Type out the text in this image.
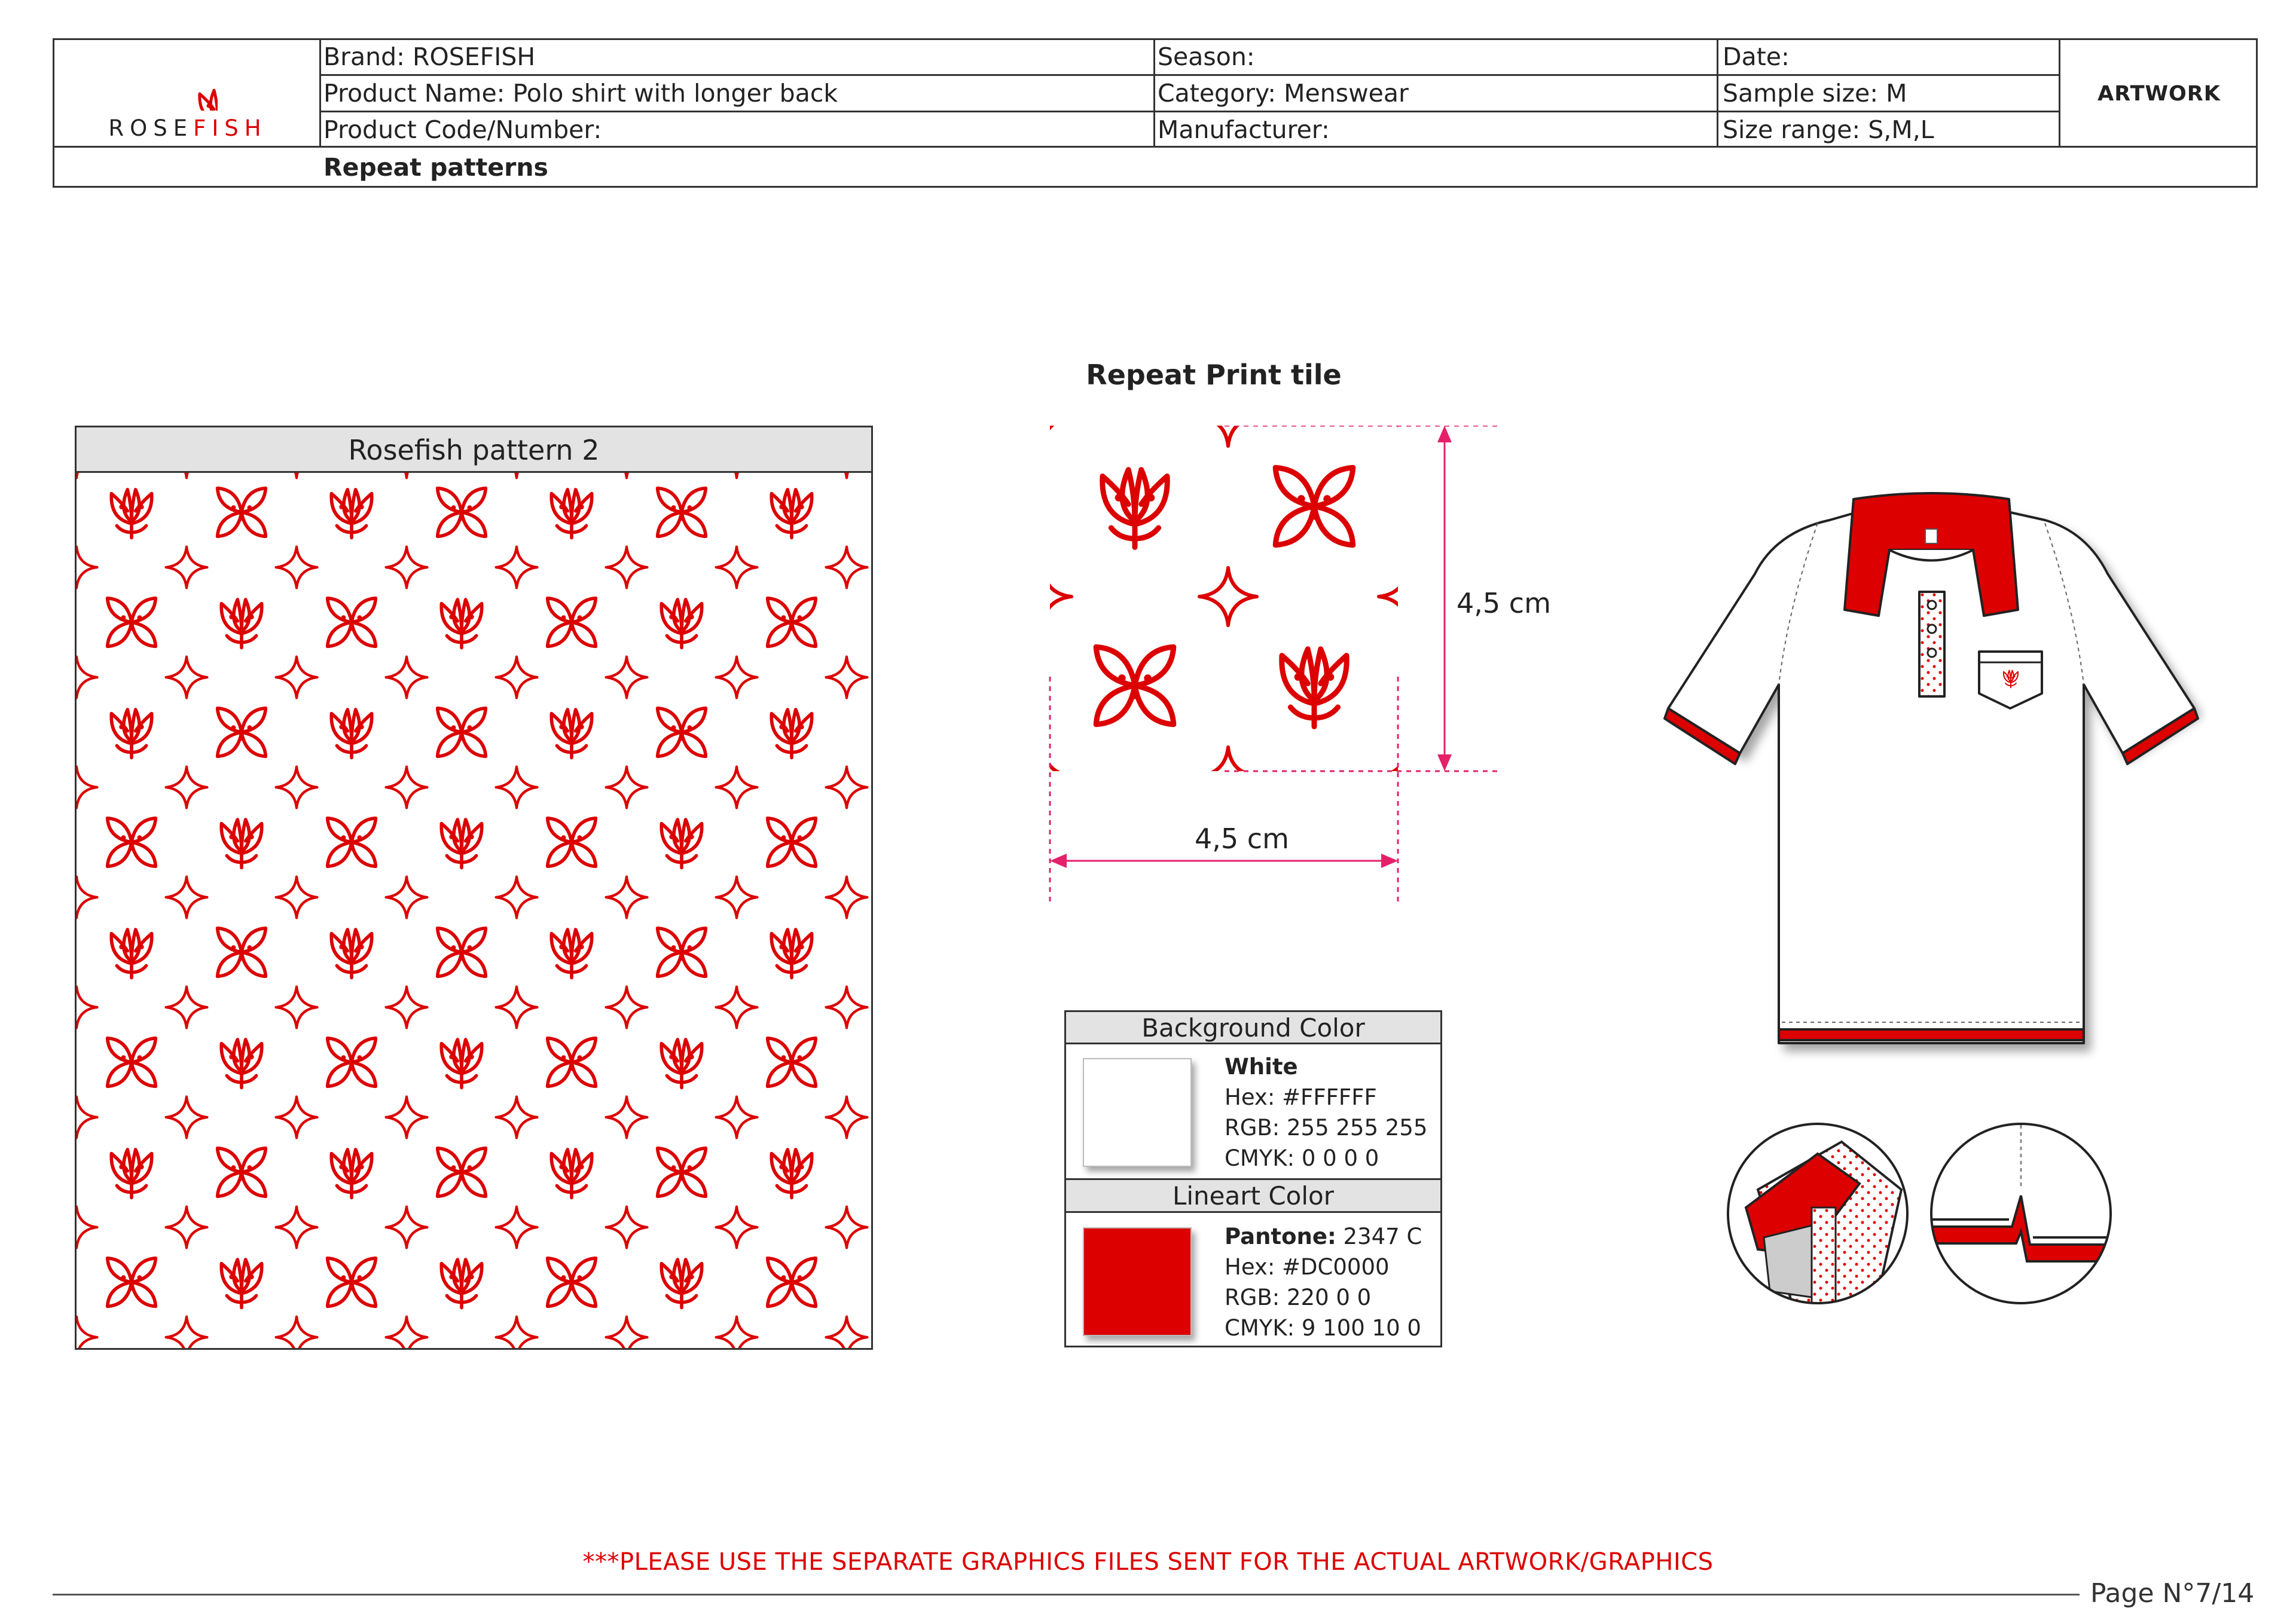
ROSEFISH
Brand: ROSEFISH	Season:	Date:
Product Name: Polo shirt with longer back	Category: Menswear	Sample size: M
Product Code/Number:	Manufacturer:	Size range: S,M,L
ARTWORK
Repeat patterns
Rosefish pattern 2
Repeat Print tile
4,5 cm
4,5 cm
Background Color
White
Hex: #FFFFFF
RGB: 255 255 255
CMYK: 0 0 0 0
Lineart Color
Pantone: 2347 C
Hex: #DC0000
RGB: 220 0 0
CMYK: 9 100 10 0
***PLEASE USE THE SEPARATE GRAPHICS FILES SENT FOR THE ACTUAL ARTWORK/GRAPHICS
Page N°7/14
